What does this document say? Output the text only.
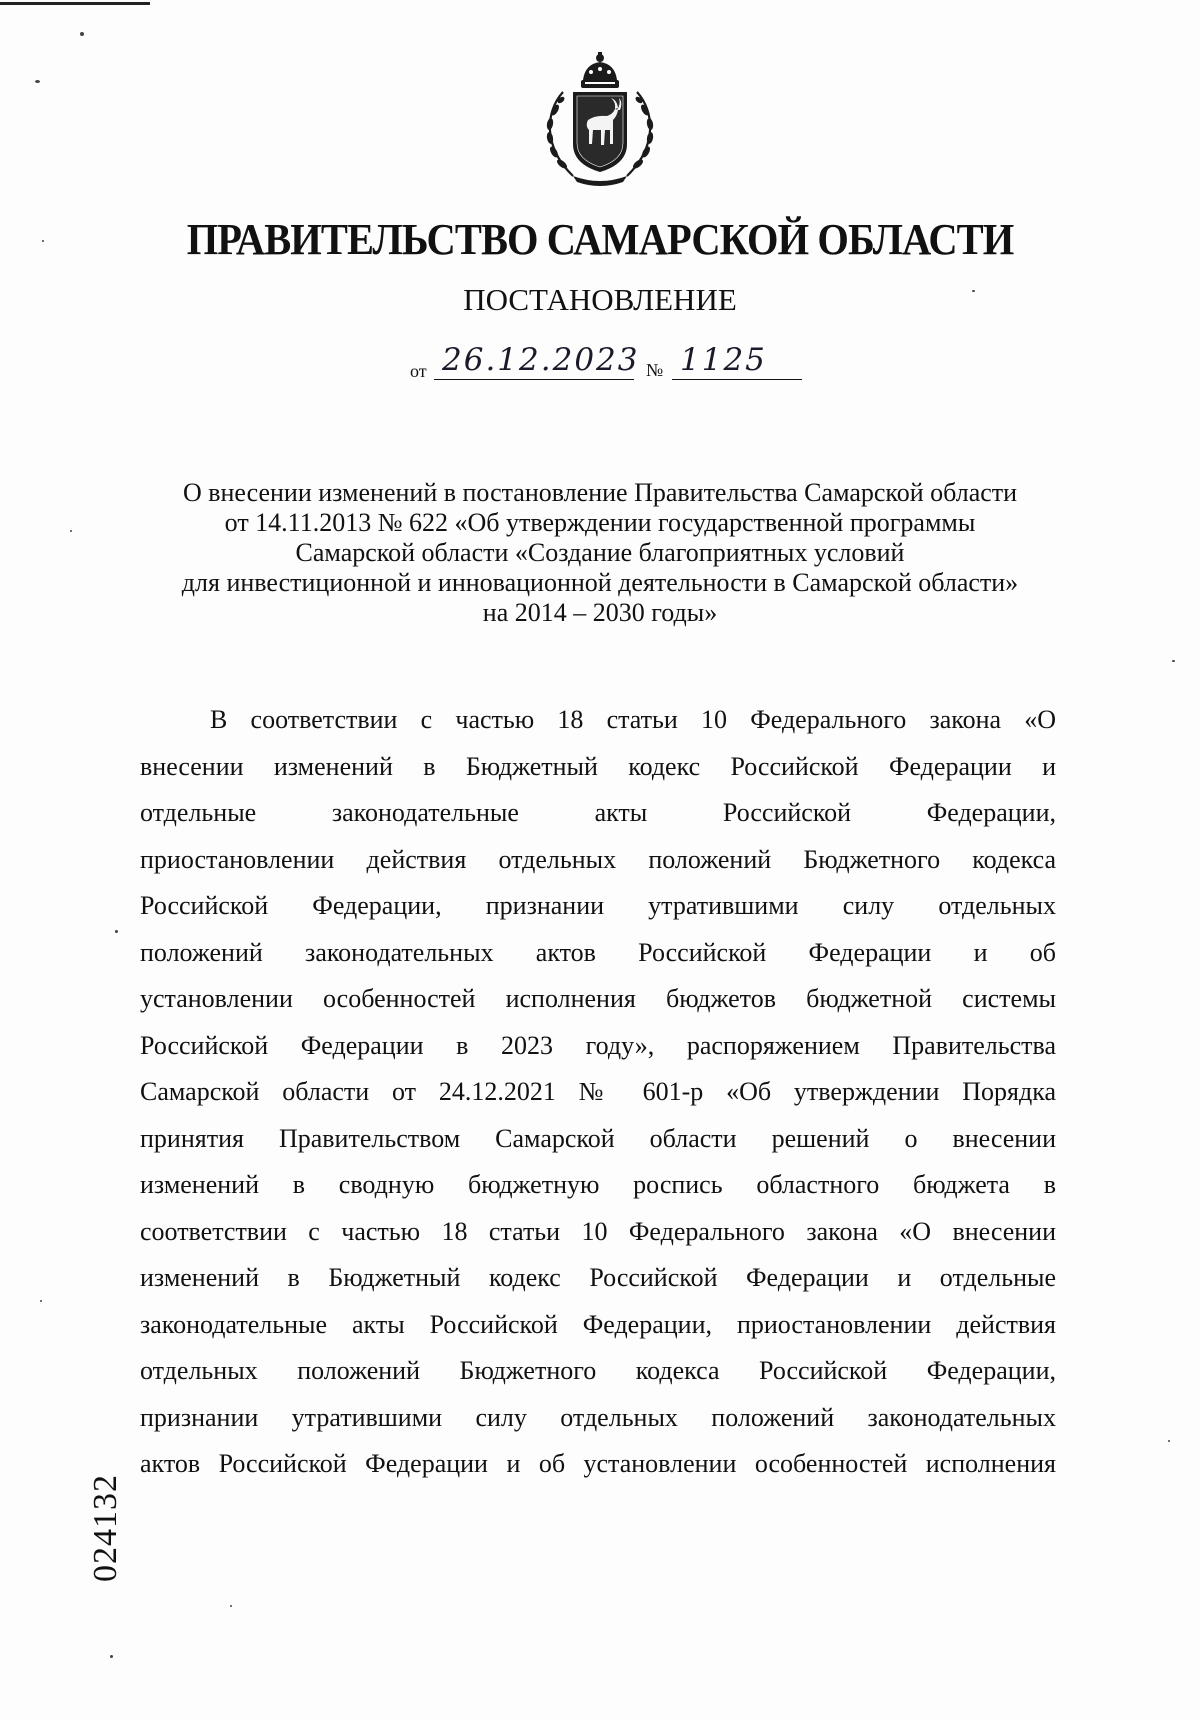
ПРАВИТЕЛЬСТВО САМАРСКОЙ ОБЛАСТИ
ПОСТАНОВЛЕНИЕ
от 26.12.2023 № 1125
О внесении изменений в постановление Правительства Самарской области
от 14.11.2013 № 622 «Об утверждении государственной программы
Самарской области «Создание благоприятных условий
для инвестиционной и инновационной деятельности в Самарской области»
на 2014 – 2030 годы»
В соответствии с частью 18 статьи 10 Федерального закона «О
внесении изменений в Бюджетный кодекс Российской Федерации и
отдельные законодательные акты Российской Федерации,
приостановлении действия отдельных положений Бюджетного кодекса
Российской Федерации, признании утратившими силу отдельных
положений законодательных актов Российской Федерации и об
установлении особенностей исполнения бюджетов бюджетной системы
Российской Федерации в 2023 году», распоряжением Правительства
Самарской области от 24.12.2021 № 601-р «Об утверждении Порядка
принятия Правительством Самарской области решений о внесении
изменений в сводную бюджетную роспись областного бюджета в
соответствии с частью 18 статьи 10 Федерального закона «О внесении
изменений в Бюджетный кодекс Российской Федерации и отдельные
законодательные акты Российской Федерации, приостановлении действия
отдельных положений Бюджетного кодекса Российской Федерации,
признании утратившими силу отдельных положений законодательных
актов Российской Федерации и об установлении особенностей исполнения
024132
